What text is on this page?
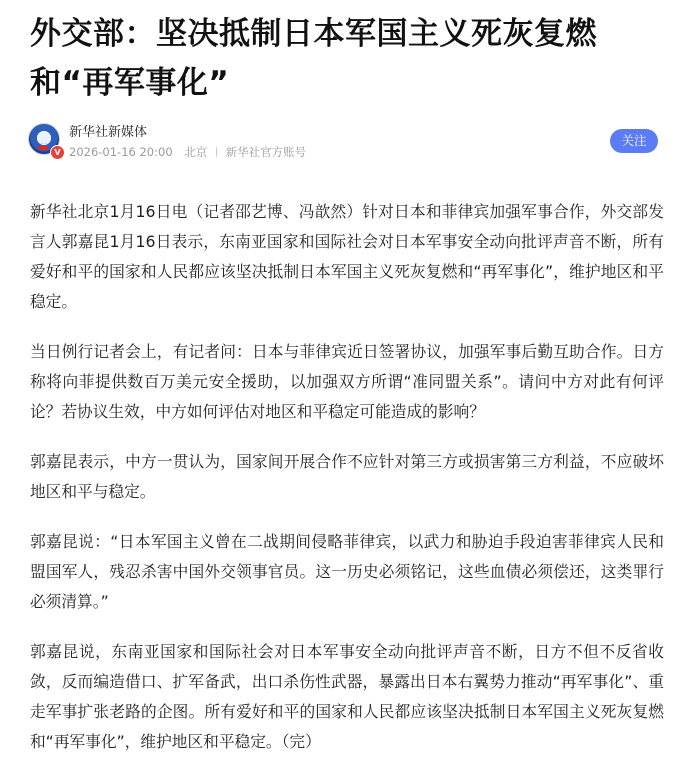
外交部：坚决抵制日本军国主义死灰复燃和“再军事化”
V
新华社新媒体
2026-01-16 20:00 北京 新华社官方账号
关注

新华社北京1月16日电（记者邵艺博、冯歆然）针对日本和菲律宾加强军事合作，外交部发言人郭嘉昆1月16日表示，东南亚国家和国际社会对日本军事安全动向批评声音不断，所有爱好和平的国家和人民都应该坚决抵制日本军国主义死灰复燃和“再军事化”，维护地区和平稳定。

当日例行记者会上，有记者问：日本与菲律宾近日签署协议，加强军事后勤互助合作。日方称将向菲提供数百万美元安全援助，以加强双方所谓“准同盟关系”。请问中方对此有何评论？若协议生效，中方如何评估对地区和平稳定可能造成的影响？

郭嘉昆表示，中方一贯认为，国家间开展合作不应针对第三方或损害第三方利益，不应破坏地区和平与稳定。

郭嘉昆说：“日本军国主义曾在二战期间侵略菲律宾，以武力和胁迫手段迫害菲律宾人民和盟国军人，残忍杀害中国外交领事官员。这一历史必须铭记，这些血债必须偿还，这类罪行必须清算。”

郭嘉昆说，东南亚国家和国际社会对日本军事安全动向批评声音不断，日方不但不反省收敛，反而编造借口、扩军备武，出口杀伤性武器，暴露出日本右翼势力推动“再军事化”、重走军事扩张老路的企图。所有爱好和平的国家和人民都应该坚决抵制日本军国主义死灰复燃和“再军事化”，维护地区和平稳定。（完）
